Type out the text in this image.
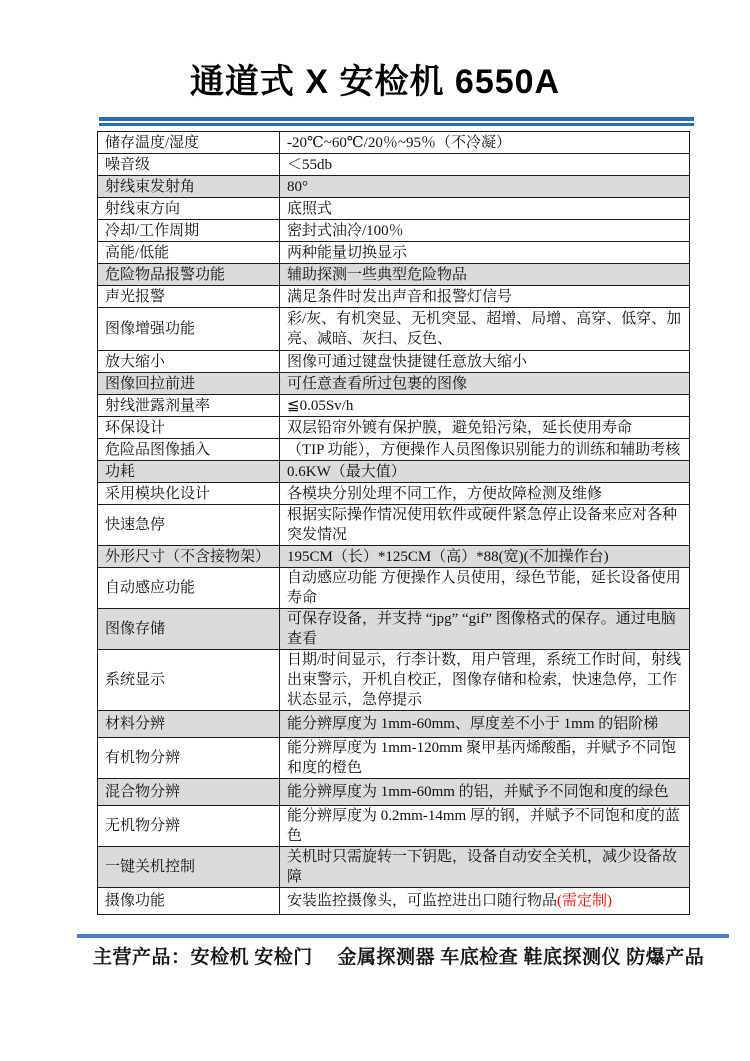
通道式 X 安检机 6550A
储存温度/湿度	-20℃~60℃/20％~95％（不冷凝）
噪音级	＜55db
射线束发射角	80°
射线束方向	底照式
冷却/工作周期	密封式油冷/100％
高能/低能	两种能量切换显示
危险物品报警功能	辅助探测一些典型危险物品
声光报警	满足条件时发出声音和报警灯信号
图像增强功能	彩/灰、有机突显、无机突显、超增、局增、高穿、低穿、加亮、减暗、灰扫、反色、
放大缩小	图像可通过键盘快捷键任意放大缩小
图像回拉前进	可任意查看所过包裹的图像
射线泄露剂量率	≦0.05Sv/h
环保设计	双层铅帘外镀有保护膜，避免铅污染，延长使用寿命
危险品图像插入	（TIP 功能），方便操作人员图像识别能力的训练和辅助考核
功耗	0.6KW（最大值）
采用模块化设计	各模块分别处理不同工作，方便故障检测及维修
快速急停	根据实际操作情况使用软件或硬件紧急停止设备来应对各种突发情况
外形尺寸（不含接物架）	195CM（长）*125CM（高）*88(宽)(不加操作台)
自动感应功能	自动感应功能 方便操作人员使用，绿色节能，延长设备使用寿命
图像存储	可保存设备，并支持 “jpg” “gif” 图像格式的保存。通过电脑查看
系统显示	日期/时间显示，行李计数，用户管理，系统工作时间，射线出束警示，开机自校正，图像存储和检索，快速急停，工作状态显示，急停提示
材料分辨	能分辨厚度为 1mm-60mm、厚度差不小于 1mm 的铝阶梯
有机物分辨	能分辨厚度为 1mm-120mm 聚甲基丙烯酸酯，并赋予不同饱和度的橙色
混合物分辨	能分辨厚度为 1mm-60mm 的铝，并赋予不同饱和度的绿色
无机物分辨	能分辨厚度为 0.2mm-14mm 厚的钢，并赋予不同饱和度的蓝色
一键关机控制	关机时只需旋转一下钥匙，设备自动安全关机，减少设备故障
摄像功能	安装监控摄像头，可监控进出口随行物品(需定制)
主营产品：安检机 安检门　 金属探测器 车底检查 鞋底探测仪 防爆产品
